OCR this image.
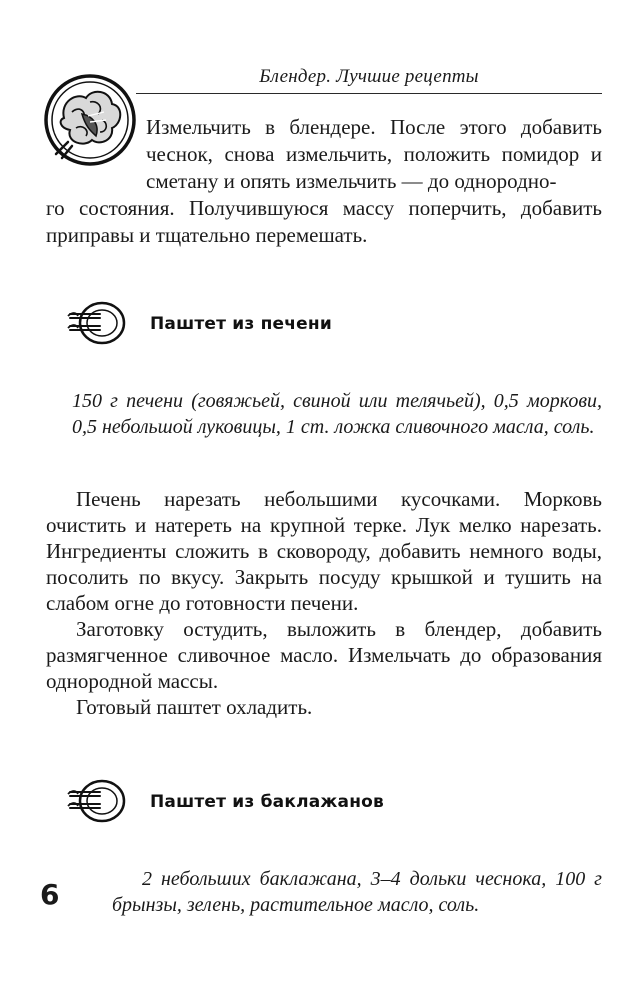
Блендер. Лучшие рецепты

Измельчить в блендере. После этого добавить чеснок, снова измельчить, положить помидор и сметану и опять измельчить — до однородно-

го состояния. Получившуюся массу поперчить, добавить приправы и тщательно перемешать.

Паштет из печени

150 г печени (говяжьей, свиной или телячьей), 0,5 моркови, 0,5 небольшой луковицы, 1 ст. ложка сливочного масла, соль.

Печень нарезать небольшими кусочками. Морковь очистить и натереть на крупной терке. Лук мелко нарезать. Ингредиенты сложить в сковороду, добавить немного воды, посолить по вкусу. Закрыть посуду крышкой и тушить на слабом огне до готовности печени.

Заготовку остудить, выложить в блендер, добавить размягченное сливочное масло. Измельчать до образования однородной массы.

Готовый паштет охладить.

Паштет из баклажанов

2 небольших баклажана, 3–4 дольки чеснока, 100 г брынзы, зелень, растительное масло, соль.

6
